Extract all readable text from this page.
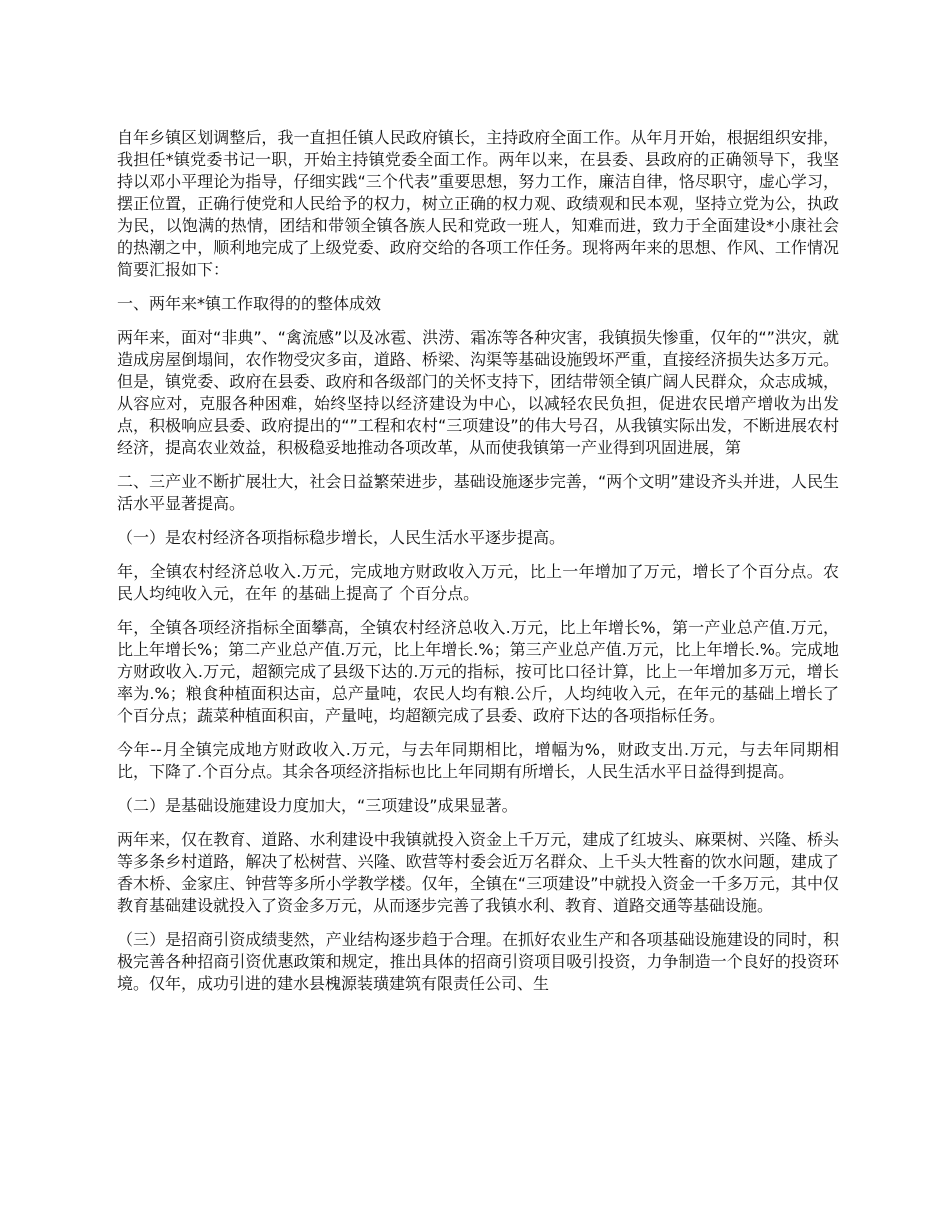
自年乡镇区划调整后，我一直担任镇人民政府镇长，主持政府全面工作。从年月开始，根据组织安排，我担任*镇党委书记一职，开始主持镇党委全面工作。两年以来，在县委、县政府的正确领导下，我坚持以邓小平理论为指导，仔细实践“三个代表”重要思想，努力工作，廉洁自律，恪尽职守，虚心学习，摆正位置，正确行使党和人民给予的权力，树立正确的权力观、政绩观和民本观，坚持立党为公，执政为民，以饱满的热情，团结和带领全镇各族人民和党政一班人，知难而进，致力于全面建设*小康社会的热潮之中，顺利地完成了上级党委、政府交给的各项工作任务。现将两年来的思想、作风、工作情况简要汇报如下：

一、两年来*镇工作取得的的整体成效

两年来，面对“非典”、“禽流感”以及冰雹、洪涝、霜冻等各种灾害，我镇损失惨重，仅年的“”洪灾，就造成房屋倒塌间，农作物受灾多亩，道路、桥梁、沟渠等基础设施毁坏严重，直接经济损失达多万元。但是，镇党委、政府在县委、政府和各级部门的关怀支持下，团结带领全镇广阔人民群众，众志成城，从容应对，克服各种困难，始终坚持以经济建设为中心，以减轻农民负担，促进农民增产增收为出发点，积极响应县委、政府提出的“”工程和农村“三项建设”的伟大号召，从我镇实际出发，不断进展农村经济，提高农业效益，积极稳妥地推动各项改革，从而使我镇第一产业得到巩固进展，第

二、三产业不断扩展壮大，社会日益繁荣进步，基础设施逐步完善，“两个文明”建设齐头并进，人民生活水平显著提高。

（一）是农村经济各项指标稳步增长，人民生活水平逐步提高。

年，全镇农村经济总收入.万元，完成地方财政收入万元，比上一年增加了万元，增长了个百分点。农民人均纯收入元，在年 的基础上提高了 个百分点。

年，全镇各项经济指标全面攀高，全镇农村经济总收入.万元，比上年增长%，第一产业总产值.万元，比上年增长%；第二产业总产值.万元，比上年增长.%；第三产业总产值.万元，比上年增长.%。完成地方财政收入.万元，超额完成了县级下达的.万元的指标，按可比口径计算，比上一年增加多万元，增长率为.%；粮食种植面积达亩，总产量吨，农民人均有粮.公斤，人均纯收入元，在年元的基础上增长了个百分点；蔬菜种植面积亩，产量吨，均超额完成了县委、政府下达的各项指标任务。

今年--月全镇完成地方财政收入.万元，与去年同期相比，增幅为%，财政支出.万元，与去年同期相比，下降了.个百分点。其余各项经济指标也比上年同期有所增长，人民生活水平日益得到提高。

（二）是基础设施建设力度加大，“三项建设”成果显著。

两年来，仅在教育、道路、水利建设中我镇就投入资金上千万元，建成了红坡头、麻栗树、兴隆、桥头等多条乡村道路，解决了松树营、兴隆、欧营等村委会近万名群众、上千头大牲畜的饮水问题，建成了香木桥、金家庄、钟营等多所小学教学楼。仅年，全镇在“三项建设”中就投入资金一千多万元，其中仅教育基础建设就投入了资金多万元，从而逐步完善了我镇水利、教育、道路交通等基础设施。

（三）是招商引资成绩斐然，产业结构逐步趋于合理。在抓好农业生产和各项基础设施建设的同时，积极完善各种招商引资优惠政策和规定，推出具体的招商引资项目吸引投资，力争制造一个良好的投资环境。仅年，成功引进的建水县槐源装璜建筑有限责任公司、生
